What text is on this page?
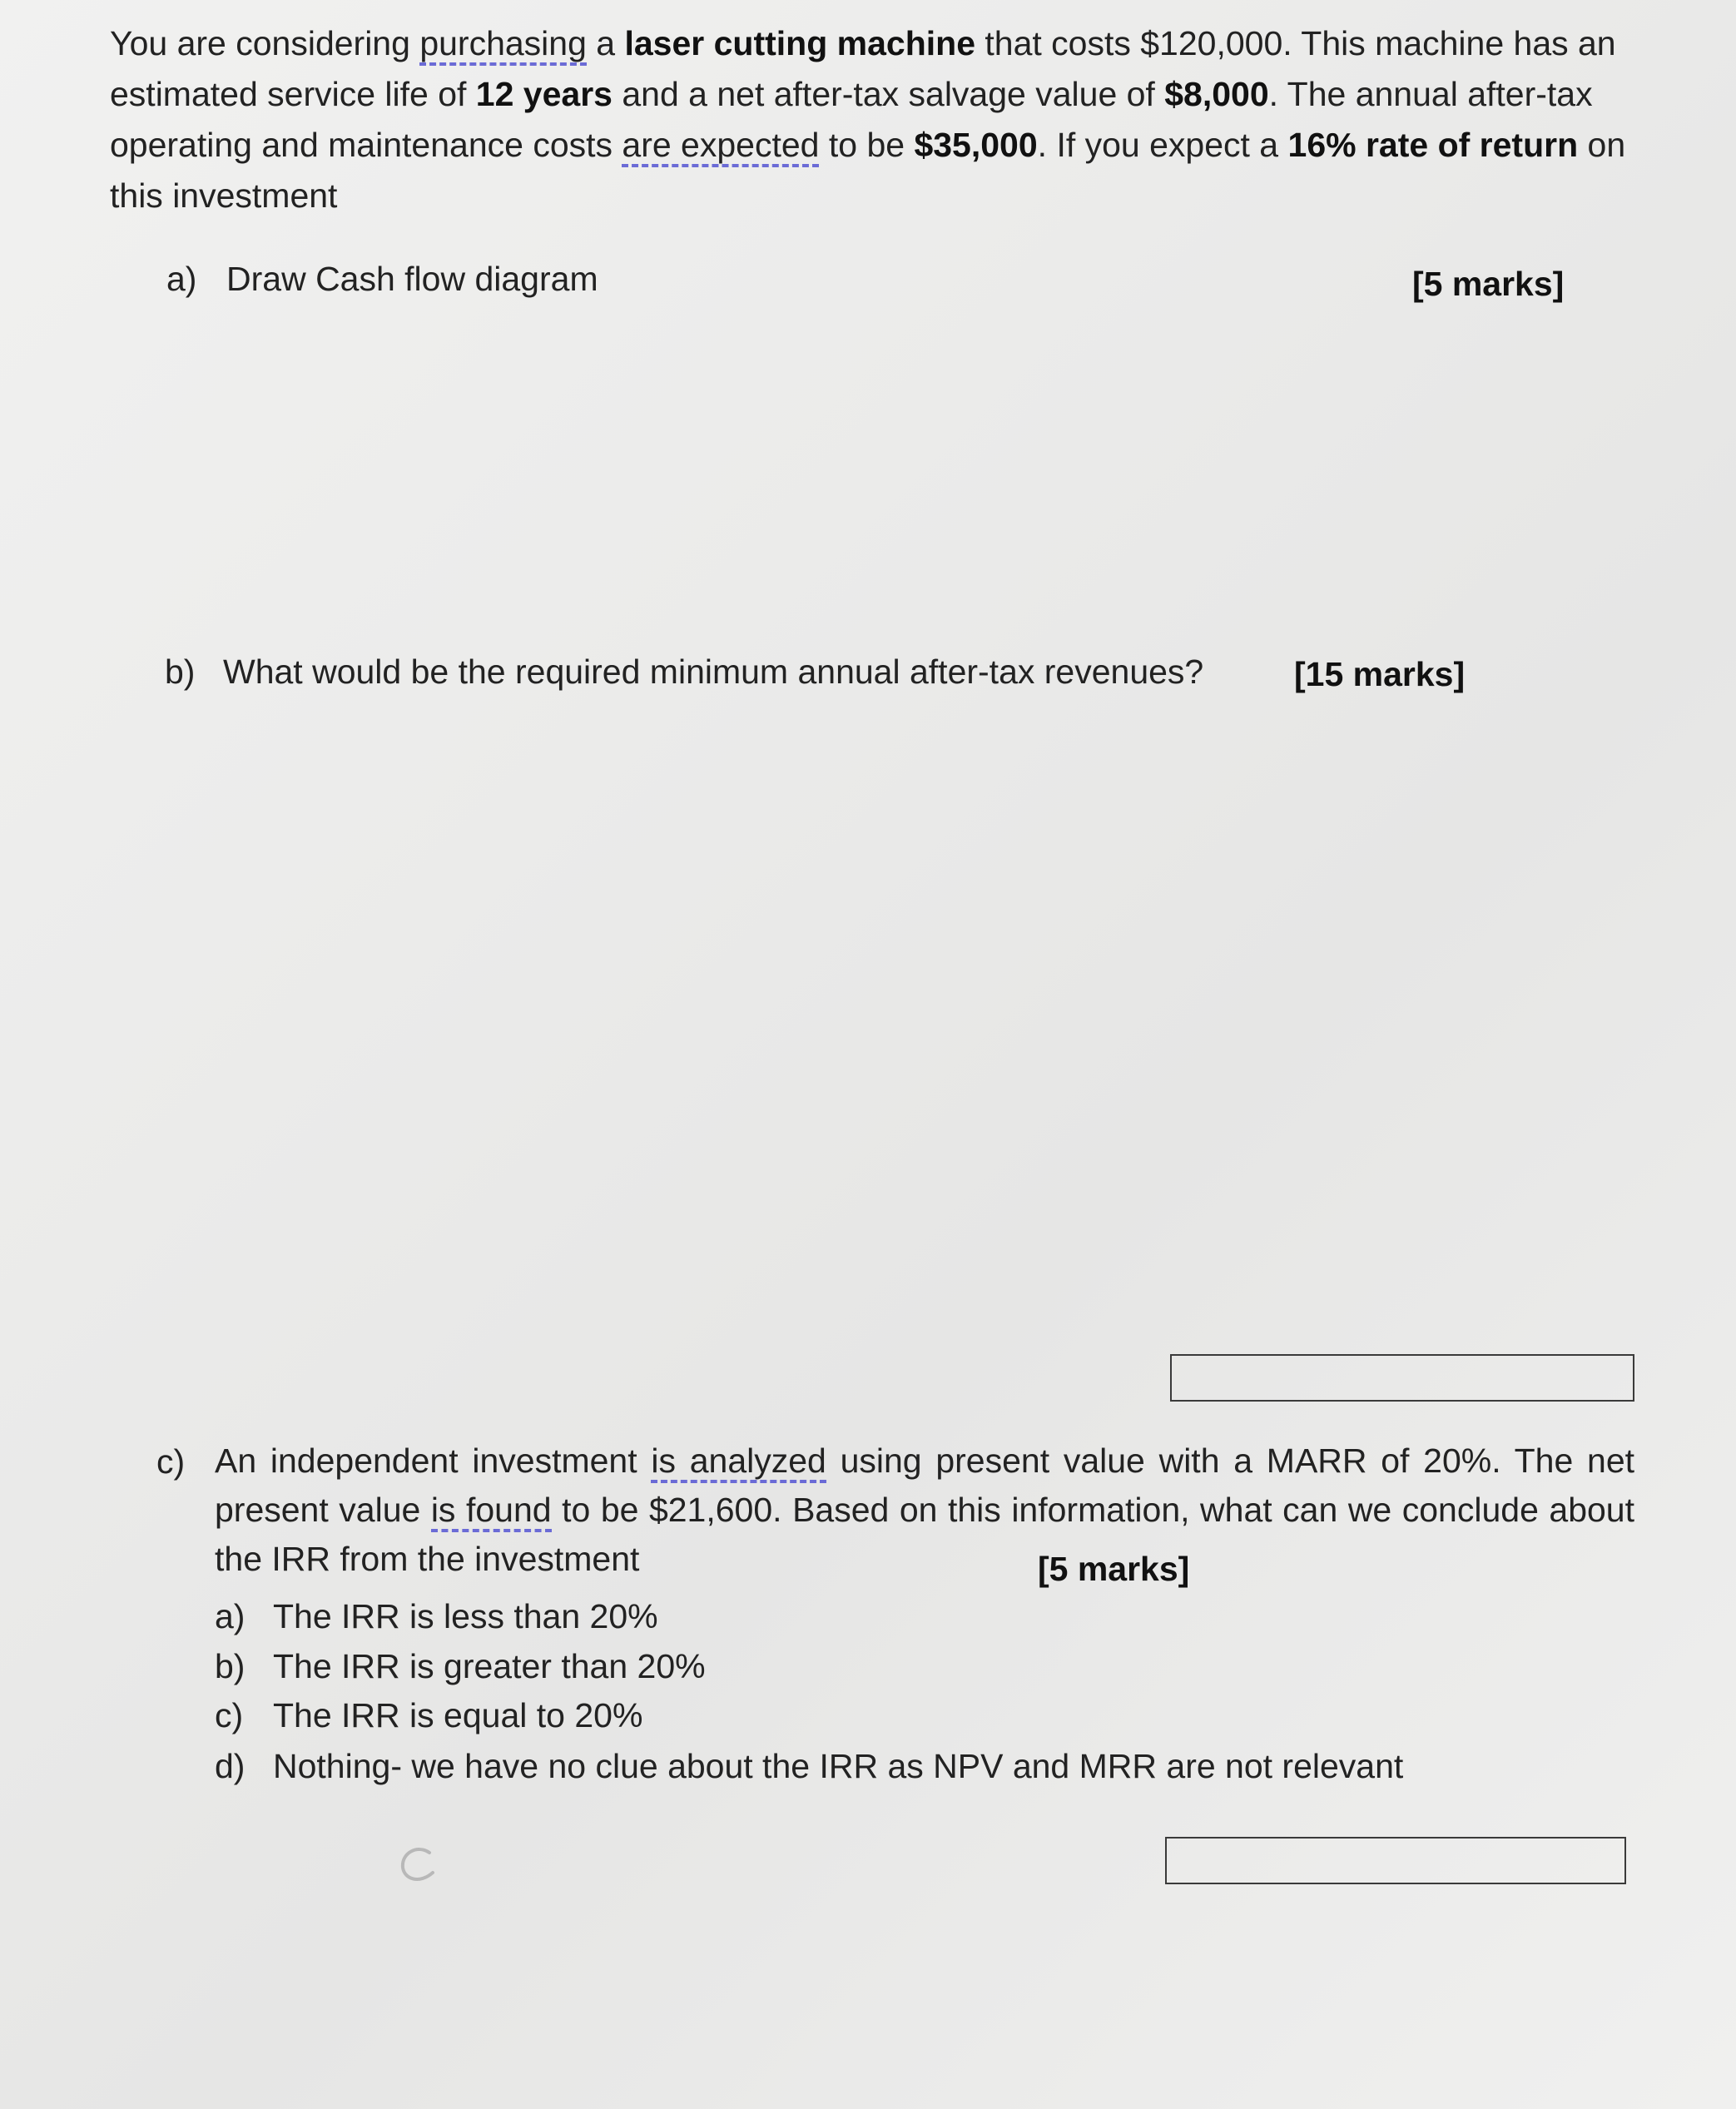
You are considering purchasing a laser cutting machine that costs $120,000. This machine has an estimated service life of 12 years and a net after-tax salvage value of $8,000. The annual after-tax operating and maintenance costs are expected to be $35,000. If you expect a 16% rate of return on this investment
a) Draw Cash flow diagram	[5 marks]
b) What would be the required minimum annual after-tax revenues?	[15 marks]
c) An independent investment is analyzed using present value with a MARR of 20%. The net present value is found to be $21,600. Based on this information, what can we conclude about the IRR from the investment	[5 marks]
a) The IRR is less than 20%
b) The IRR is greater than 20%
c) The IRR is equal to 20%
d) Nothing- we have no clue about the IRR as NPV and MRR are not relevant
